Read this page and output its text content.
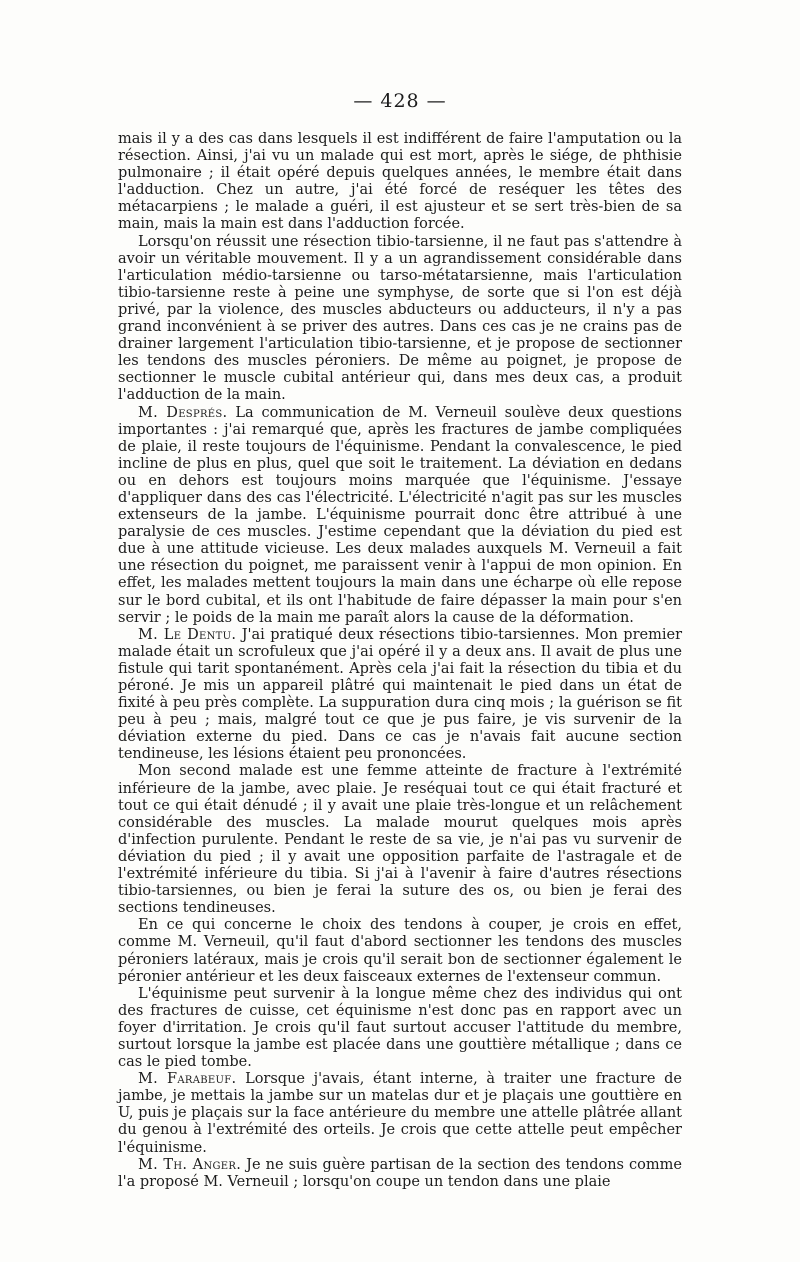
— 428 —

mais il y a des cas dans lesquels il est indifférent de faire l'amputation ou la résection. Ainsi, j'ai vu un malade qui est mort, après le siége, de phthisie pulmonaire ; il était opéré depuis quelques années, le membre était dans l'adduction. Chez un autre, j'ai été forcé de reséquer les têtes des métacarpiens ; le malade a guéri, il est ajusteur et se sert très-bien de sa main, mais la main est dans l'adduction forcée.

Lorsqu'on réussit une résection tibio-tarsienne, il ne faut pas s'attendre à avoir un véritable mouvement. Il y a un agrandissement considérable dans l'articulation médio-tarsienne ou tarso-métatarsienne, mais l'articulation tibio-tarsienne reste à peine une symphyse, de sorte que si l'on est déjà privé, par la violence, des muscles abducteurs ou adducteurs, il n'y a pas grand inconvénient à se priver des autres. Dans ces cas je ne crains pas de drainer largement l'articulation tibio-tarsienne, et je propose de sectionner les tendons des muscles péroniers. De même au poignet, je propose de sectionner le muscle cubital antérieur qui, dans mes deux cas, a produit l'adduction de la main.

M. Després. La communication de M. Verneuil soulève deux questions importantes : j'ai remarqué que, après les fractures de jambe compliquées de plaie, il reste toujours de l'équinisme. Pendant la convalescence, le pied incline de plus en plus, quel que soit le traitement. La déviation en dedans ou en dehors est toujours moins marquée que l'équinisme. J'essaye d'appliquer dans des cas l'électricité. L'électricité n'agit pas sur les muscles extenseurs de la jambe. L'équinisme pourrait donc être attribué à une paralysie de ces muscles. J'estime cependant que la déviation du pied est due à une attitude vicieuse. Les deux malades auxquels M. Verneuil a fait une résection du poignet, me paraissent venir à l'appui de mon opinion. En effet, les malades mettent toujours la main dans une écharpe où elle repose sur le bord cubital, et ils ont l'habitude de faire dépasser la main pour s'en servir ; le poids de la main me paraît alors la cause de la déformation.

M. Le Dentu. J'ai pratiqué deux résections tibio-tarsiennes. Mon premier malade était un scrofuleux que j'ai opéré il y a deux ans. Il avait de plus une fistule qui tarit spontanément. Après cela j'ai fait la résection du tibia et du péroné. Je mis un appareil plâtré qui maintenait le pied dans un état de fixité à peu près complète. La suppuration dura cinq mois ; la guérison se fit peu à peu ; mais, malgré tout ce que je pus faire, je vis survenir de la déviation externe du pied. Dans ce cas je n'avais fait aucune section tendineuse, les lésions étaient peu prononcées.

Mon second malade est une femme atteinte de fracture à l'extrémité inférieure de la jambe, avec plaie. Je reséquai tout ce qui était fracturé et tout ce qui était dénudé ; il y avait une plaie très-longue et un relâchement considérable des muscles. La malade mourut quelques mois après d'infection purulente. Pendant le reste de sa vie, je n'ai pas vu survenir de déviation du pied ; il y avait une opposition parfaite de l'astragale et de l'extrémité inférieure du tibia. Si j'ai à l'avenir à faire d'autres résections tibio-tarsiennes, ou bien je ferai la suture des os, ou bien je ferai des sections tendineuses.

En ce qui concerne le choix des tendons à couper, je crois en effet, comme M. Verneuil, qu'il faut d'abord sectionner les tendons des muscles péroniers latéraux, mais je crois qu'il serait bon de sectionner également le péronier antérieur et les deux faisceaux externes de l'extenseur commun.

L'équinisme peut survenir à la longue même chez des individus qui ont des fractures de cuisse, cet équinisme n'est donc pas en rapport avec un foyer d'irritation. Je crois qu'il faut surtout accuser l'attitude du membre, surtout lorsque la jambe est placée dans une gouttière métallique ; dans ce cas le pied tombe.

M. Farabeuf. Lorsque j'avais, étant interne, à traiter une fracture de jambe, je mettais la jambe sur un matelas dur et je plaçais une gouttière en U, puis je plaçais sur la face antérieure du membre une attelle plâtrée allant du genou à l'extrémité des orteils. Je crois que cette attelle peut empêcher l'équinisme.

M. Th. Anger. Je ne suis guère partisan de la section des tendons comme l'a proposé M. Verneuil ; lorsqu'on coupe un tendon dans une plaie
